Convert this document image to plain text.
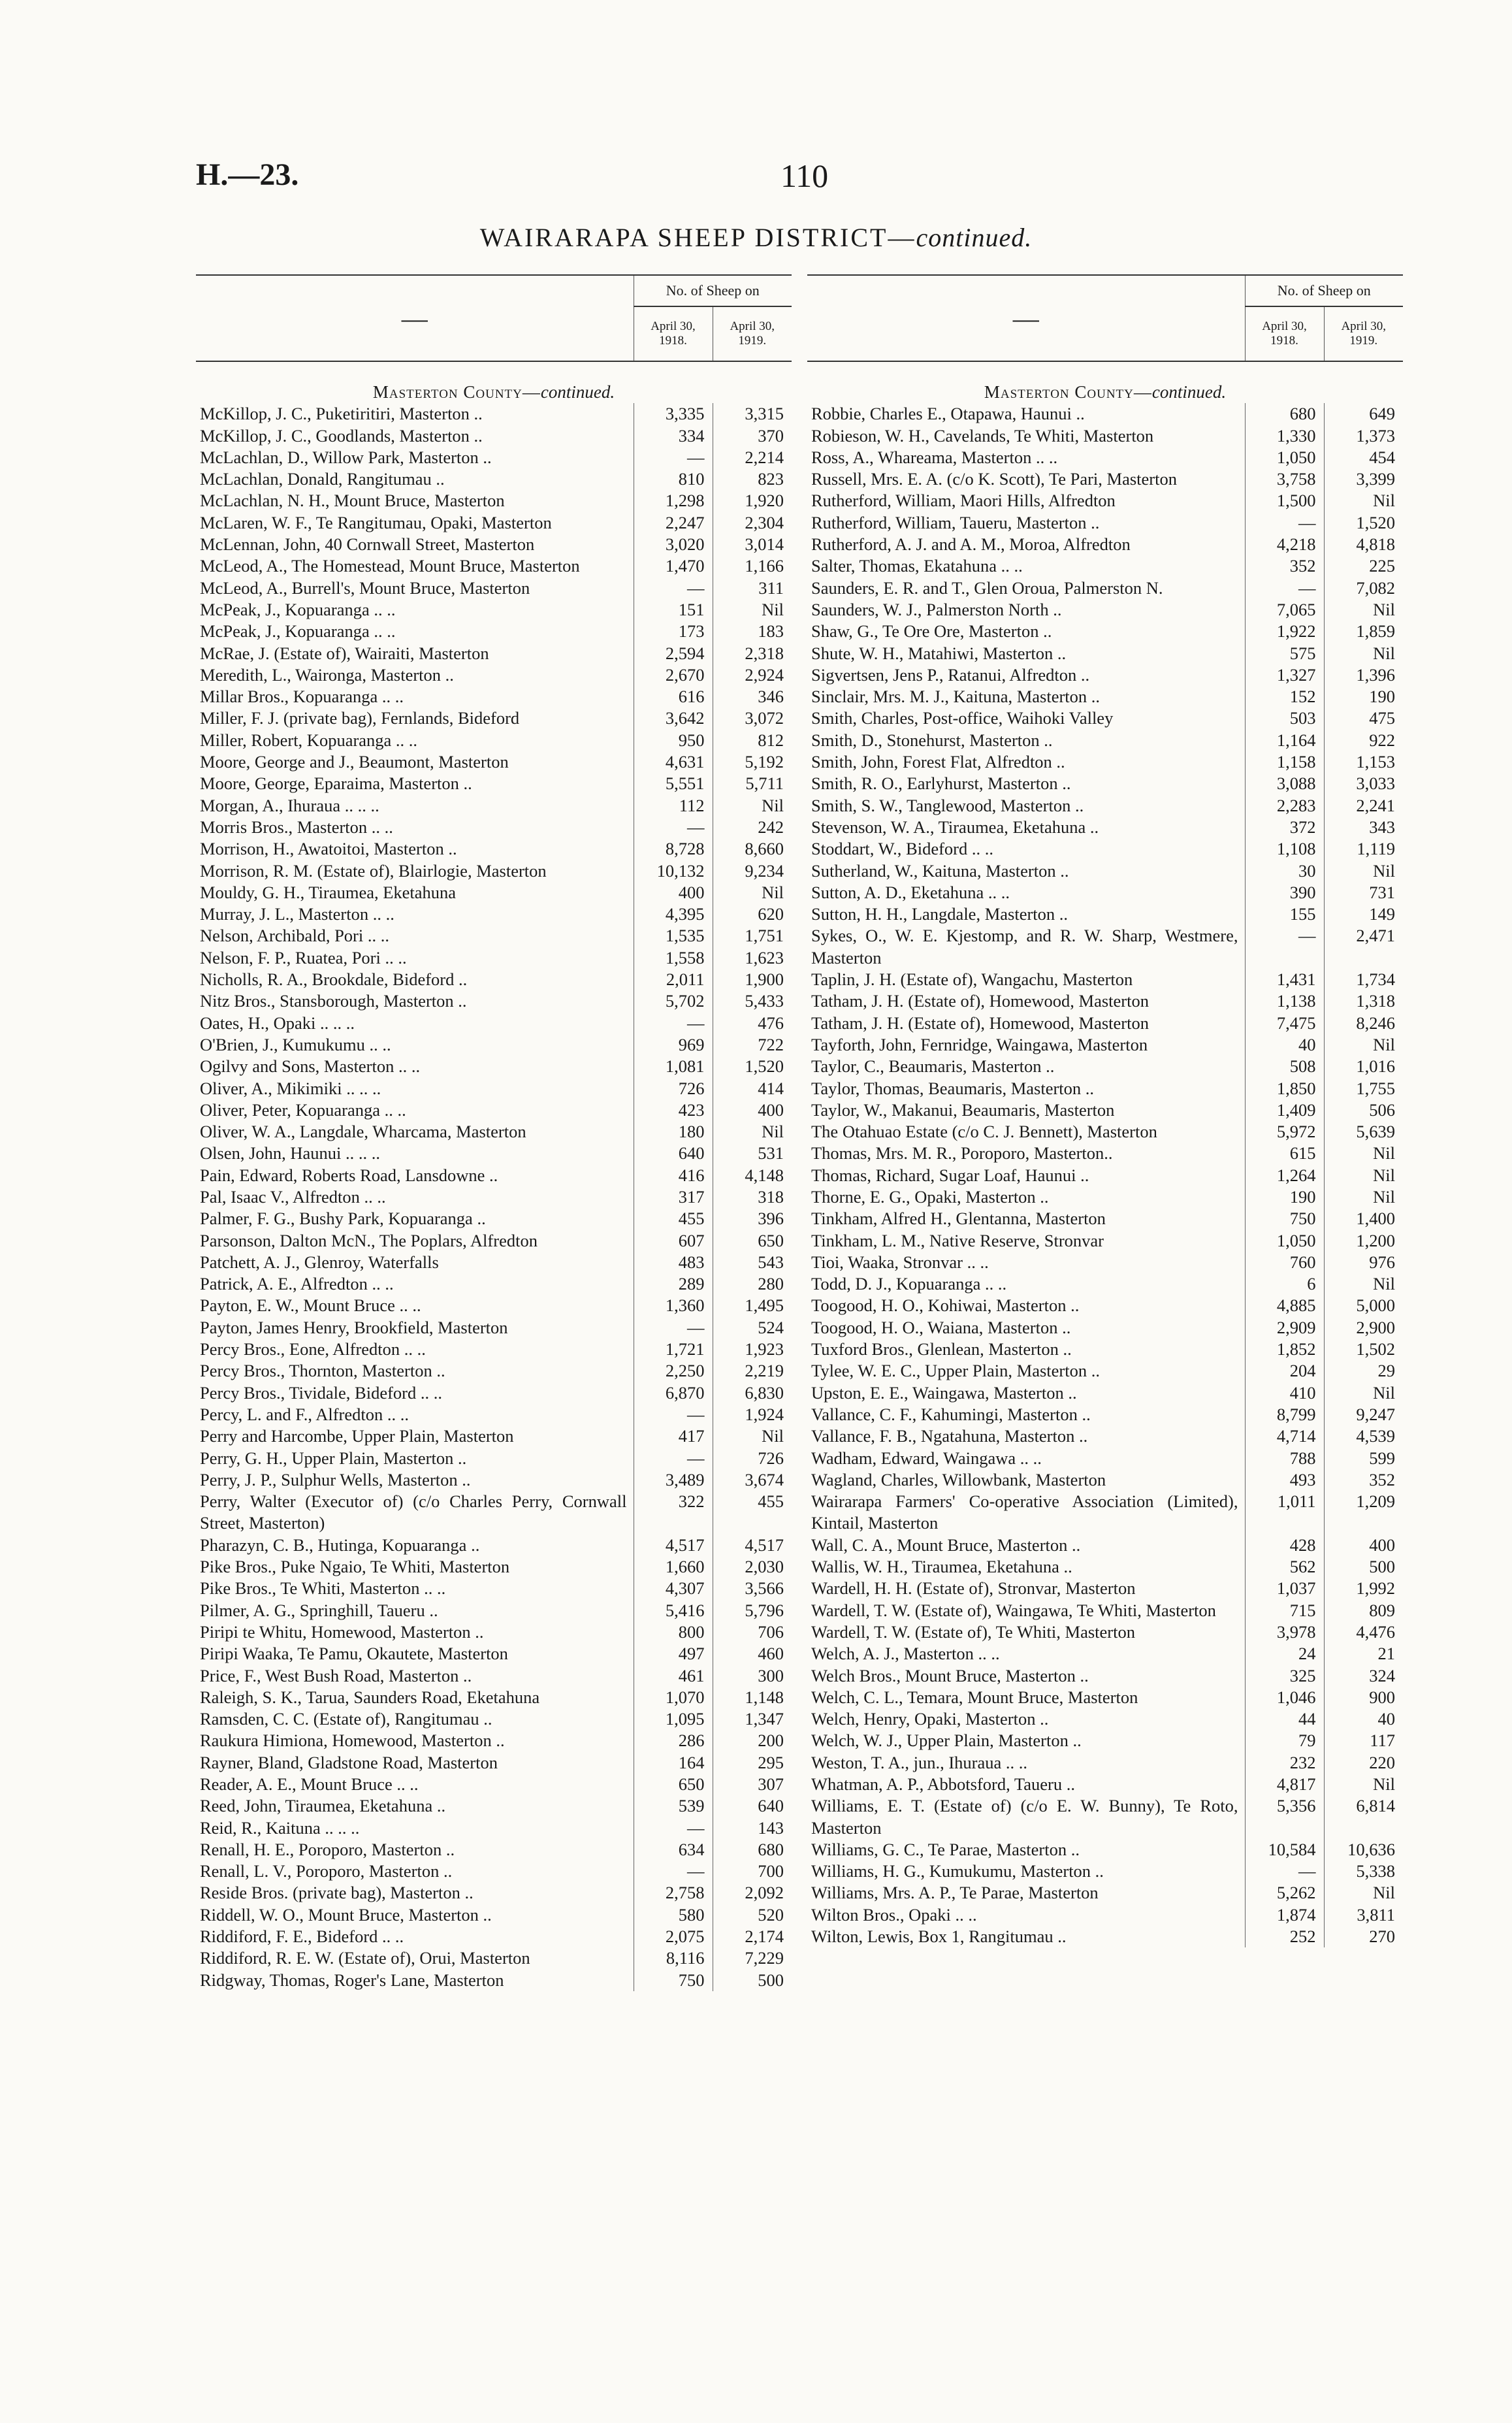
H.—23.	110
WAIRARAPA SHEEP DISTRICT—continued.
—	No. of Sheep on	

	April 30,
1918.	April 30,
1919.

Masterton County—continued.		
McKillop, J. C., Puketiritiri, Masterton ..	3,335	3,315
McKillop, J. C., Goodlands, Masterton ..	334	370
McLachlan, D., Willow Park, Masterton ..	—	2,214
McLachlan, Donald, Rangitumau ..	810	823
McLachlan, N. H., Mount Bruce, Masterton	1,298	1,920
McLaren, W. F., Te Rangitumau, Opaki, Masterton	2,247	2,304
McLennan, John, 40 Cornwall Street, Masterton	3,020	3,014
McLeod, A., The Homestead, Mount Bruce, Masterton	1,470	1,166
McLeod, A., Burrell's, Mount Bruce, Masterton	—	311
McPeak, J., Kopuaranga .. ..	151	Nil
McPeak, J., Kopuaranga .. ..	173	183
McRae, J. (Estate of), Wairaiti, Masterton	2,594	2,318
Meredith, L., Waironga, Masterton ..	2,670	2,924
Millar Bros., Kopuaranga .. ..	616	346
Miller, F. J. (private bag), Fernlands, Bideford	3,642	3,072
Miller, Robert, Kopuaranga .. ..	950	812
Moore, George and J., Beaumont, Masterton	4,631	5,192
Moore, George, Eparaima, Masterton ..	5,551	5,711
Morgan, A., Ihuraua .. .. ..	112	Nil
Morris Bros., Masterton .. ..	—	242
Morrison, H., Awatoitoi, Masterton ..	8,728	8,660
Morrison, R. M. (Estate of), Blairlogie, Masterton	10,132	9,234
Mouldy, G. H., Tiraumea, Eketahuna	400	Nil
Murray, J. L., Masterton .. ..	4,395	620
Nelson, Archibald, Pori .. ..	1,535	1,751
Nelson, F. P., Ruatea, Pori .. ..	1,558	1,623
Nicholls, R. A., Brookdale, Bideford ..	2,011	1,900
Nitz Bros., Stansborough, Masterton ..	5,702	5,433
Oates, H., Opaki .. .. ..	—	476
O'Brien, J., Kumukumu .. ..	969	722
Ogilvy and Sons, Masterton .. ..	1,081	1,520
Oliver, A., Mikimiki .. .. ..	726	414
Oliver, Peter, Kopuaranga .. ..	423	400
Oliver, W. A., Langdale, Wharcama, Masterton	180	Nil
Olsen, John, Haunui .. .. ..	640	531
Pain, Edward, Roberts Road, Lansdowne ..	416	4,148
Pal, Isaac V., Alfredton .. ..	317	318
Palmer, F. G., Bushy Park, Kopuaranga ..	455	396
Parsonson, Dalton McN., The Poplars, Alfredton	607	650
Patchett, A. J., Glenroy, Waterfalls	483	543
Patrick, A. E., Alfredton .. ..	289	280
Payton, E. W., Mount Bruce .. ..	1,360	1,495
Payton, James Henry, Brookfield, Masterton	—	524
Percy Bros., Eone, Alfredton .. ..	1,721	1,923
Percy Bros., Thornton, Masterton ..	2,250	2,219
Percy Bros., Tividale, Bideford .. ..	6,870	6,830
Percy, L. and F., Alfredton .. ..	—	1,924
Perry and Harcombe, Upper Plain, Masterton	417	Nil
Perry, G. H., Upper Plain, Masterton ..	—	726
Perry, J. P., Sulphur Wells, Masterton ..	3,489	3,674
Perry, Walter (Executor of) (c/o Charles Perry, Cornwall Street, Masterton)	322	455
Pharazyn, C. B., Hutinga, Kopuaranga ..	4,517	4,517
Pike Bros., Puke Ngaio, Te Whiti, Masterton	1,660	2,030
Pike Bros., Te Whiti, Masterton .. ..	4,307	3,566
Pilmer, A. G., Springhill, Taueru ..	5,416	5,796
Piripi te Whitu, Homewood, Masterton ..	800	706
Piripi Waaka, Te Pamu, Okautete, Masterton	497	460
Price, F., West Bush Road, Masterton ..	461	300
Raleigh, S. K., Tarua, Saunders Road, Eketahuna	1,070	1,148
Ramsden, C. C. (Estate of), Rangitumau ..	1,095	1,347
Raukura Himiona, Homewood, Masterton ..	286	200
Rayner, Bland, Gladstone Road, Masterton	164	295
Reader, A. E., Mount Bruce .. ..	650	307
Reed, John, Tiraumea, Eketahuna ..	539	640
Reid, R., Kaituna .. .. ..	—	143
Renall, H. E., Poroporo, Masterton ..	634	680
Renall, L. V., Poroporo, Masterton ..	—	700
Reside Bros. (private bag), Masterton ..	2,758	2,092
Riddell, W. O., Mount Bruce, Masterton ..	580	520
Riddiford, F. E., Bideford .. ..	2,075	2,174
Riddiford, R. E. W. (Estate of), Orui, Masterton	8,116	7,229
Ridgway, Thomas, Roger's Lane, Masterton	750	500
—	No. of Sheep on	

	April 30,
1918.	April 30,
1919.

Masterton County—continued.		
Robbie, Charles E., Otapawa, Haunui ..	680	649
Robieson, W. H., Cavelands, Te Whiti, Masterton	1,330	1,373
Ross, A., Whareama, Masterton .. ..	1,050	454
Russell, Mrs. E. A. (c/o K. Scott), Te Pari, Masterton	3,758	3,399
Rutherford, William, Maori Hills, Alfredton	1,500	Nil
Rutherford, William, Taueru, Masterton ..	—	1,520
Rutherford, A. J. and A. M., Moroa, Alfredton	4,218	4,818
Salter, Thomas, Ekatahuna .. ..	352	225
Saunders, E. R. and T., Glen Oroua, Palmerston N.	—	7,082
Saunders, W. J., Palmerston North ..	7,065	Nil
Shaw, G., Te Ore Ore, Masterton ..	1,922	1,859
Shute, W. H., Matahiwi, Masterton ..	575	Nil
Sigvertsen, Jens P., Ratanui, Alfredton ..	1,327	1,396
Sinclair, Mrs. M. J., Kaituna, Masterton ..	152	190
Smith, Charles, Post-office, Waihoki Valley	503	475
Smith, D., Stonehurst, Masterton ..	1,164	922
Smith, John, Forest Flat, Alfredton ..	1,158	1,153
Smith, R. O., Earlyhurst, Masterton ..	3,088	3,033
Smith, S. W., Tanglewood, Masterton ..	2,283	2,241
Stevenson, W. A., Tiraumea, Eketahuna ..	372	343
Stoddart, W., Bideford .. ..	1,108	1,119
Sutherland, W., Kaituna, Masterton ..	30	Nil
Sutton, A. D., Eketahuna .. ..	390	731
Sutton, H. H., Langdale, Masterton ..	155	149
Sykes, O., W. E. Kjestomp, and R. W. Sharp, Westmere, Masterton	—	2,471
Taplin, J. H. (Estate of), Wangachu, Masterton	1,431	1,734
Tatham, J. H. (Estate of), Homewood, Masterton	1,138	1,318
Tatham, J. H. (Estate of), Homewood, Masterton	7,475	8,246
Tayforth, John, Fernridge, Waingawa, Masterton	40	Nil
Taylor, C., Beaumaris, Masterton ..	508	1,016
Taylor, Thomas, Beaumaris, Masterton ..	1,850	1,755
Taylor, W., Makanui, Beaumaris, Masterton	1,409	506
The Otahuao Estate (c/o C. J. Bennett), Masterton	5,972	5,639
Thomas, Mrs. M. R., Poroporo, Masterton..	615	Nil
Thomas, Richard, Sugar Loaf, Haunui ..	1,264	Nil
Thorne, E. G., Opaki, Masterton ..	190	Nil
Tinkham, Alfred H., Glentanna, Masterton	750	1,400
Tinkham, L. M., Native Reserve, Stronvar	1,050	1,200
Tioi, Waaka, Stronvar .. ..	760	976
Todd, D. J., Kopuaranga .. ..	6	Nil
Toogood, H. O., Kohiwai, Masterton ..	4,885	5,000
Toogood, H. O., Waiana, Masterton ..	2,909	2,900
Tuxford Bros., Glenlean, Masterton ..	1,852	1,502
Tylee, W. E. C., Upper Plain, Masterton ..	204	29
Upston, E. E., Waingawa, Masterton ..	410	Nil
Vallance, C. F., Kahumingi, Masterton ..	8,799	9,247
Vallance, F. B., Ngatahuna, Masterton ..	4,714	4,539
Wadham, Edward, Waingawa .. ..	788	599
Wagland, Charles, Willowbank, Masterton	493	352
Wairarapa Farmers' Co-operative Association (Limited), Kintail, Masterton	1,011	1,209
Wall, C. A., Mount Bruce, Masterton ..	428	400
Wallis, W. H., Tiraumea, Eketahuna ..	562	500
Wardell, H. H. (Estate of), Stronvar, Masterton	1,037	1,992
Wardell, T. W. (Estate of), Waingawa, Te Whiti, Masterton	715	809
Wardell, T. W. (Estate of), Te Whiti, Masterton	3,978	4,476
Welch, A. J., Masterton .. ..	24	21
Welch Bros., Mount Bruce, Masterton ..	325	324
Welch, C. L., Temara, Mount Bruce, Masterton	1,046	900
Welch, Henry, Opaki, Masterton ..	44	40
Welch, W. J., Upper Plain, Masterton ..	79	117
Weston, T. A., jun., Ihuraua .. ..	232	220
Whatman, A. P., Abbotsford, Taueru ..	4,817	Nil
Williams, E. T. (Estate of) (c/o E. W. Bunny), Te Roto, Masterton	5,356	6,814
Williams, G. C., Te Parae, Masterton ..	10,584	10,636
Williams, H. G., Kumukumu, Masterton ..	—	5,338
Williams, Mrs. A. P., Te Parae, Masterton	5,262	Nil
Wilton Bros., Opaki .. ..	1,874	3,811
Wilton, Lewis, Box 1, Rangitumau ..	252	270
